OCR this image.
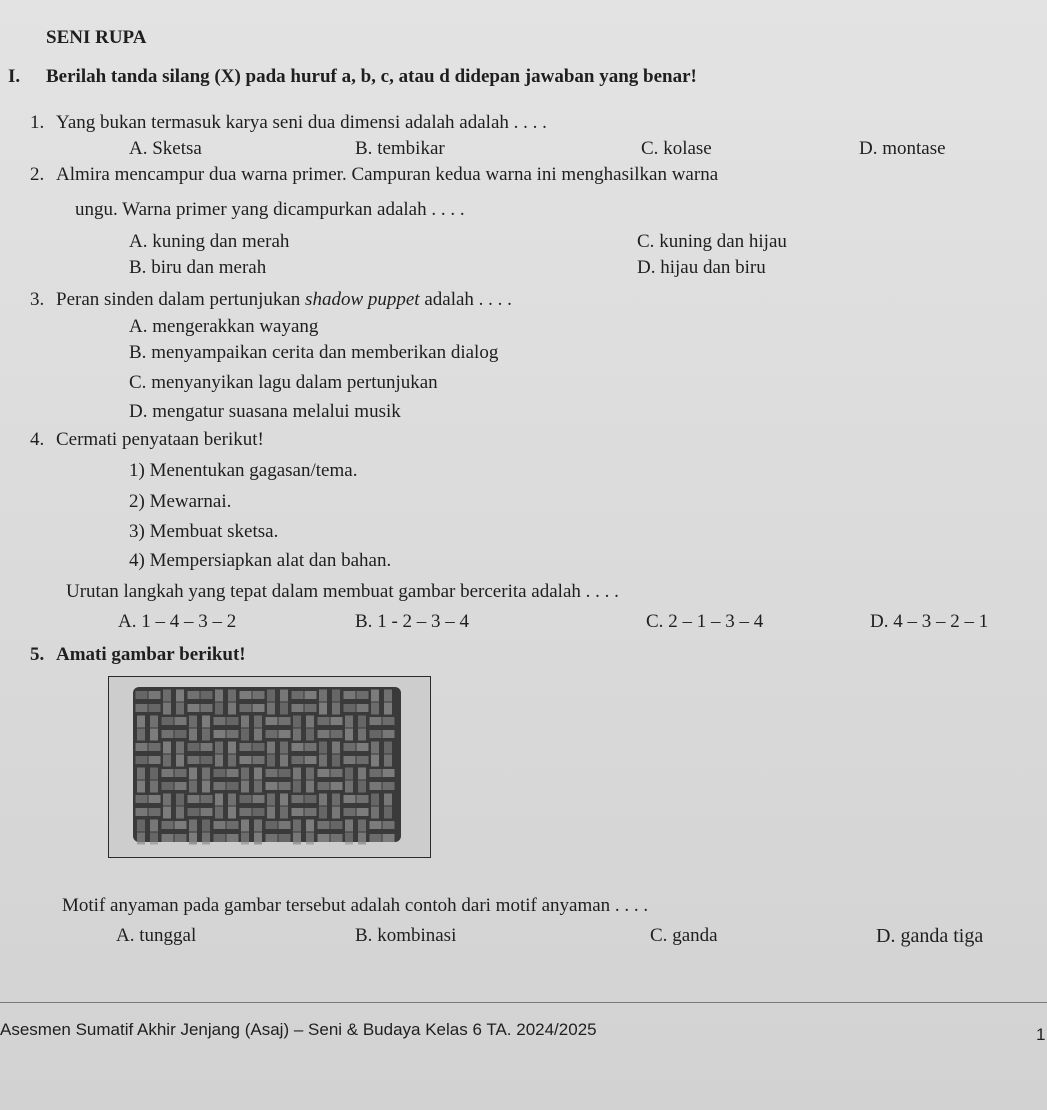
SENI RUPA
I. Berilah tanda silang (X) pada huruf a, b, c, atau d didepan jawaban yang benar!
1. Yang bukan termasuk karya seni dua dimensi adalah adalah . . . .
A. Sketsa	B. tembikar	C. kolase	D. montase
2. Almira mencampur dua warna primer. Campuran kedua warna ini menghasilkan warna
ungu. Warna primer yang dicampurkan adalah . . . .
A. kuning dan merah	C. kuning dan hijau
B. biru dan merah	D. hijau dan biru
3. Peran sinden dalam pertunjukan shadow puppet adalah . . . .
A. mengerakkan wayang
B. menyampaikan cerita dan memberikan dialog
C. menyanyikan lagu dalam pertunjukan
D. mengatur suasana melalui musik
4. Cermati penyataan berikut!
1) Menentukan gagasan/tema.
2) Mewarnai.
3) Membuat sketsa.
4) Mempersiapkan alat dan bahan.
Urutan langkah yang tepat dalam membuat gambar bercerita adalah . . . .
A. 1 – 4 – 3 – 2	B. 1 - 2 – 3 – 4	C. 2 – 1 – 3 – 4	D. 4 – 3 – 2 – 1
5. Amati gambar berikut!
Motif anyaman pada gambar tersebut adalah contoh dari motif anyaman . . . .
A. tunggal	B. kombinasi	C. ganda	D. ganda tiga
Asesmen Sumatif Akhir Jenjang (Asaj) – Seni & Budaya Kelas 6 TA. 2024/2025	1
